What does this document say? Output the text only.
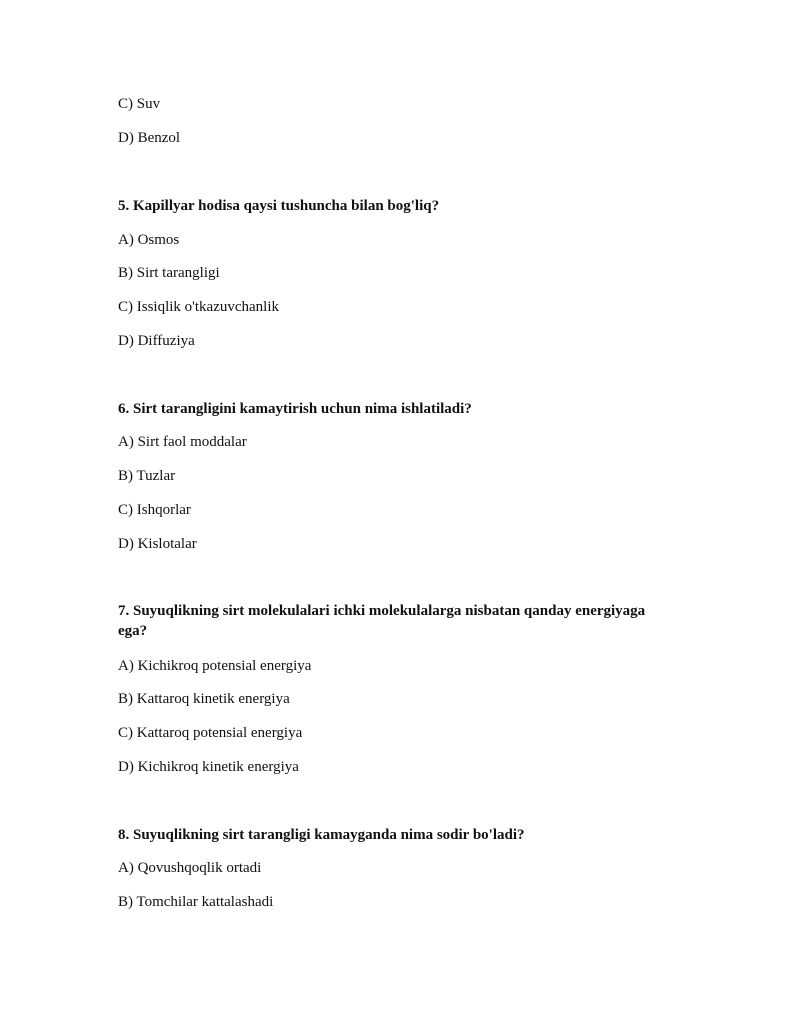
C) Suv
D) Benzol
5. Kapillyar hodisa qaysi tushuncha bilan bog'liq?
A) Osmos
B) Sirt tarangligi
C) Issiqlik o'tkazuvchanlik
D) Diffuziya
6. Sirt tarangligini kamaytirish uchun nima ishlatiladi?
A) Sirt faol moddalar
B) Tuzlar
C) Ishqorlar
D) Kislotalar
7. Suyuqlikning sirt molekulalari ichki molekulalarga nisbatan qanday energiyaga ega?
A) Kichikroq potensial energiya
B) Kattaroq kinetik energiya
C) Kattaroq potensial energiya
D) Kichikroq kinetik energiya
8. Suyuqlikning sirt tarangligi kamayganda nima sodir bo'ladi?
A) Qovushqoqlik ortadi
B) Tomchilar kattalashadi
